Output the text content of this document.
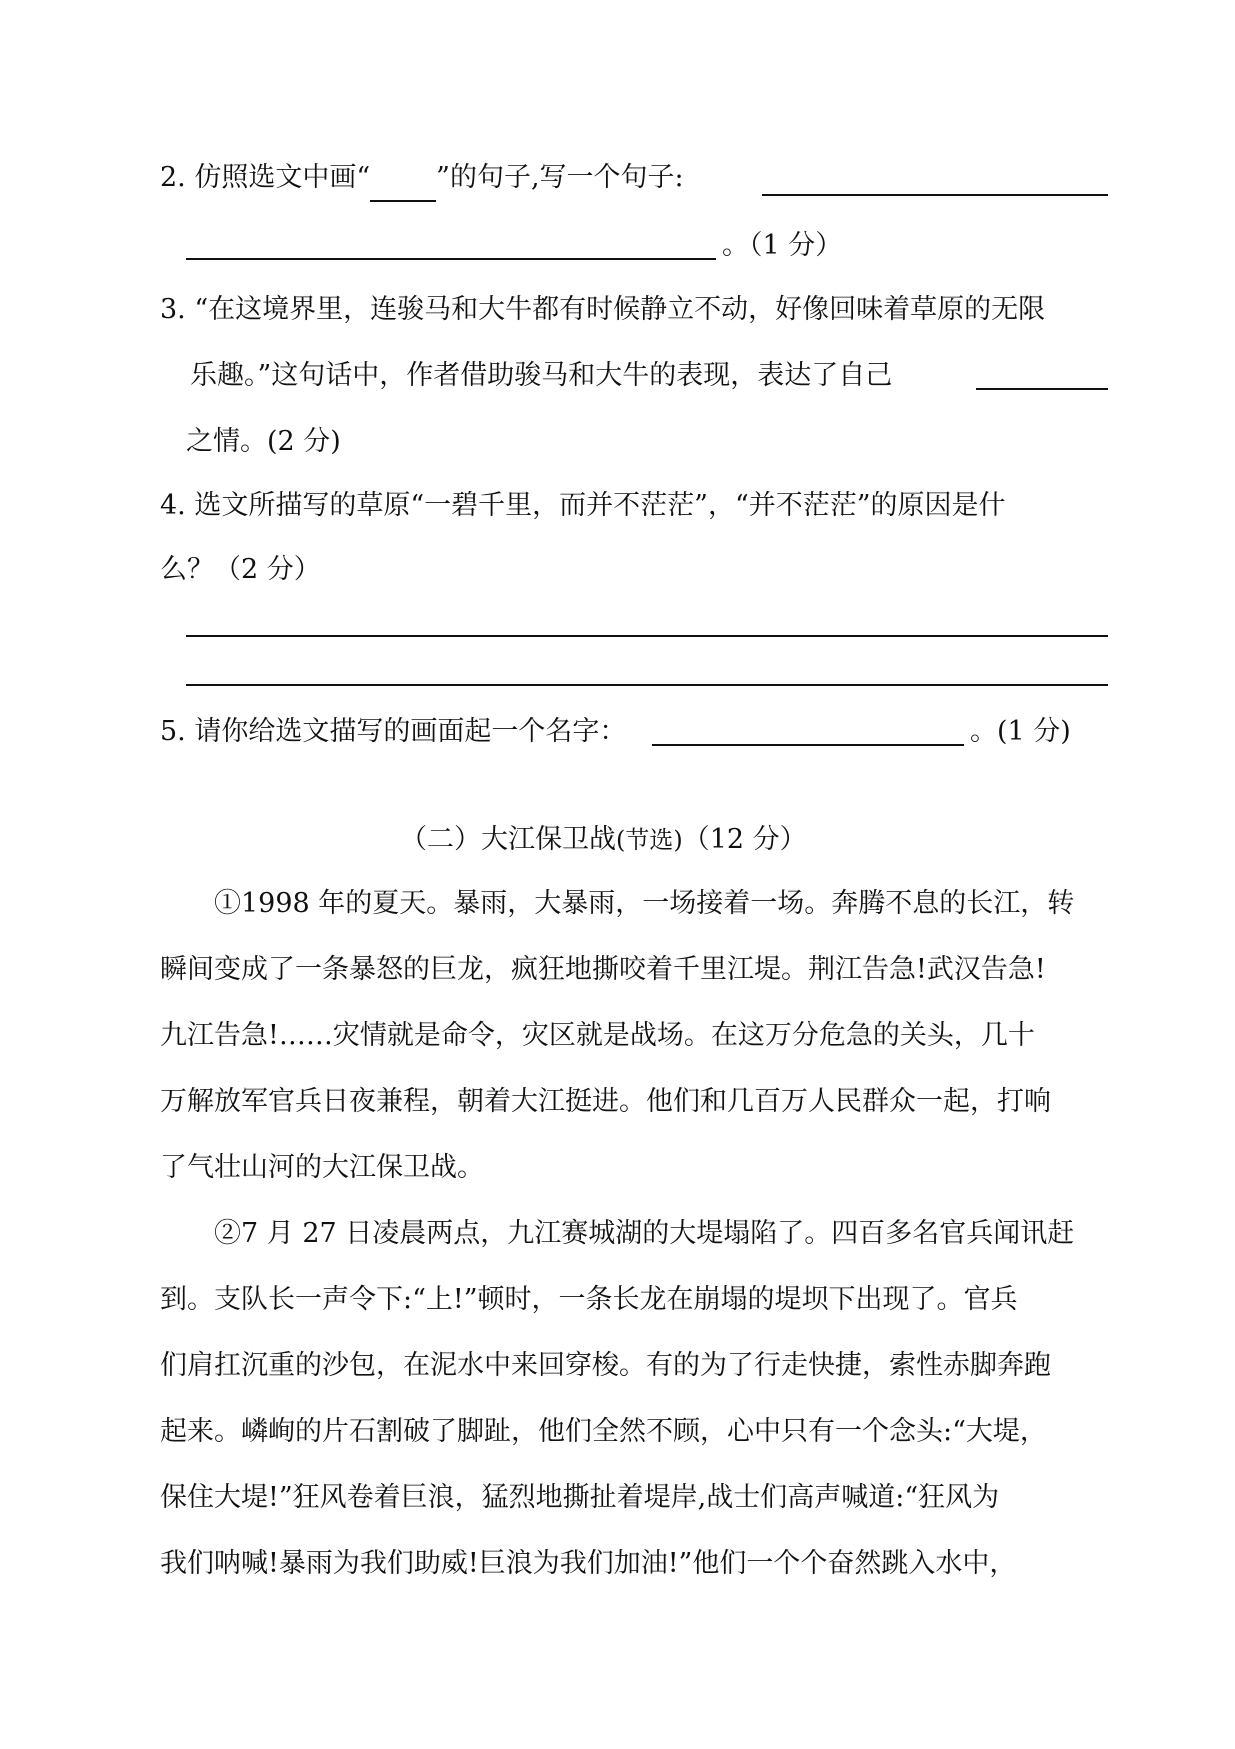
2. 仿照选文中画“ ”的句子,写一个句子:
。（1 分）
3. “在这境界里，连骏马和大牛都有时候静立不动，好像回味着草原的无限
乐趣。”这句话中，作者借助骏马和大牛的表现，表达了自己
之情。(2 分)
4. 选文所描写的草原“一碧千里，而并不茫茫”，“并不茫茫”的原因是什
么？（2 分）
5. 请你给选文描写的画面起一个名字：	。(1 分)
（二）大江保卫战(节选)（12 分）
①1998 年的夏天。暴雨，大暴雨，一场接着一场。奔腾不息的长江，转
瞬间变成了一条暴怒的巨龙，疯狂地撕咬着千里江堤。荆江告急!武汉告急!
九江告急!……灾情就是命令，灾区就是战场。在这万分危急的关头，几十
万解放军官兵日夜兼程，朝着大江挺进。他们和几百万人民群众一起，打响
了气壮山河的大江保卫战。
②7 月 27 日凌晨两点，九江赛城湖的大堤塌陷了。四百多名官兵闻讯赶
到。支队长一声令下:“上!”顿时，一条长龙在崩塌的堤坝下出现了。官兵
们肩扛沉重的沙包，在泥水中来回穿梭。有的为了行走快捷，索性赤脚奔跑
起来。嶙峋的片石割破了脚趾，他们全然不顾，心中只有一个念头:“大堤，
保住大堤!”狂风卷着巨浪，猛烈地撕扯着堤岸,战士们高声喊道:“狂风为
我们呐喊!暴雨为我们助威!巨浪为我们加油!”他们一个个奋然跳入水中，
